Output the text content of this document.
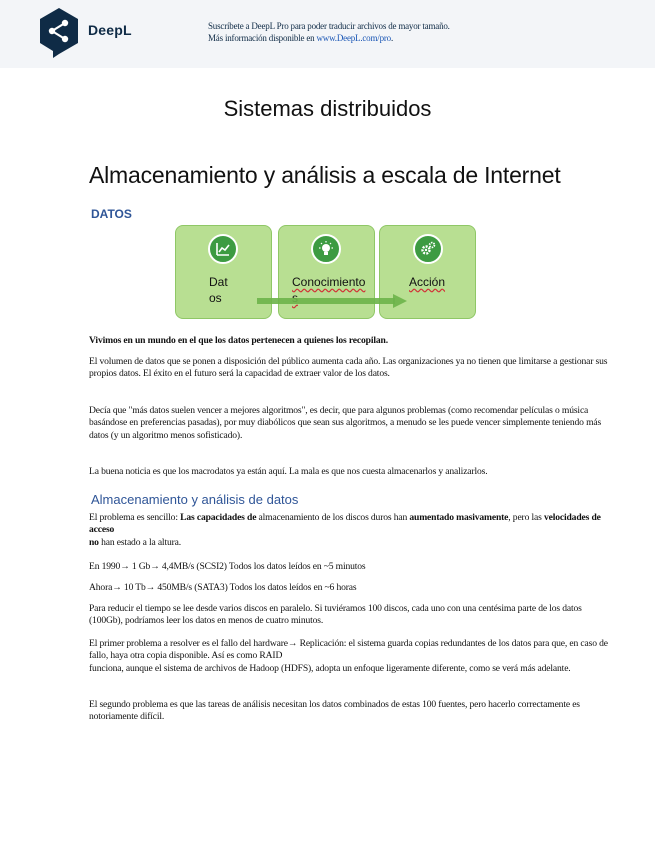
DeepL	Suscríbete a DeepL Pro para poder traducir archivos de mayor tamaño.
Más información disponible en www.DeepL.com/pro.
Sistemas distribuidos
Almacenamiento y análisis a escala de Internet
DATOS
Datos
Conocimiento	Acción

Vivimos en un mundo en el que los datos pertenecen a quienes los recopilan.

El volumen de datos que se ponen a disposición del público aumenta cada año. Las organizaciones ya no tienen que limitarse a gestionar sus propios datos. El éxito en el futuro será la capacidad de extraer valor de los datos.
Decía que "más datos suelen vencer a mejores algoritmos", es decir, que para algunos problemas (como recomendar películas o música basándose en preferencias pasadas), por muy diabólicos que sean sus algoritmos, a menudo se les puede vencer simplemente teniendo más datos (y un algoritmo menos sofisticado).
La buena noticia es que los macrodatos ya están aquí. La mala es que nos cuesta almacenarlos y analizarlos.
Almacenamiento y análisis de datos
El problema es sencillo: Las capacidades de almacenamiento de los discos duros han aumentado masivamente, pero las velocidades de acceso
no han estado a la altura.
En 1990→ 1 Gb→ 4,4MB/s (SCSI2) Todos los datos leídos en ~5 minutos
Ahora→ 10 Tb→ 450MB/s (SATA3) Todos los datos leídos en ~6 horas
Para reducir el tiempo se lee desde varios discos en paralelo. Si tuviéramos 100 discos, cada uno con una centésima parte de los datos (100Gb), podríamos leer los datos en menos de cuatro minutos.
El primer problema a resolver es el fallo del hardware→ Replicación: el sistema guarda copias redundantes de los datos para que, en caso de fallo, haya otra copia disponible. Así es como RAID
funciona, aunque el sistema de archivos de Hadoop (HDFS), adopta un enfoque ligeramente diferente, como se verá más adelante.
El segundo problema es que las tareas de análisis necesitan los datos combinados de estas 100 fuentes, pero hacerlo correctamente es notoriamente difícil.
